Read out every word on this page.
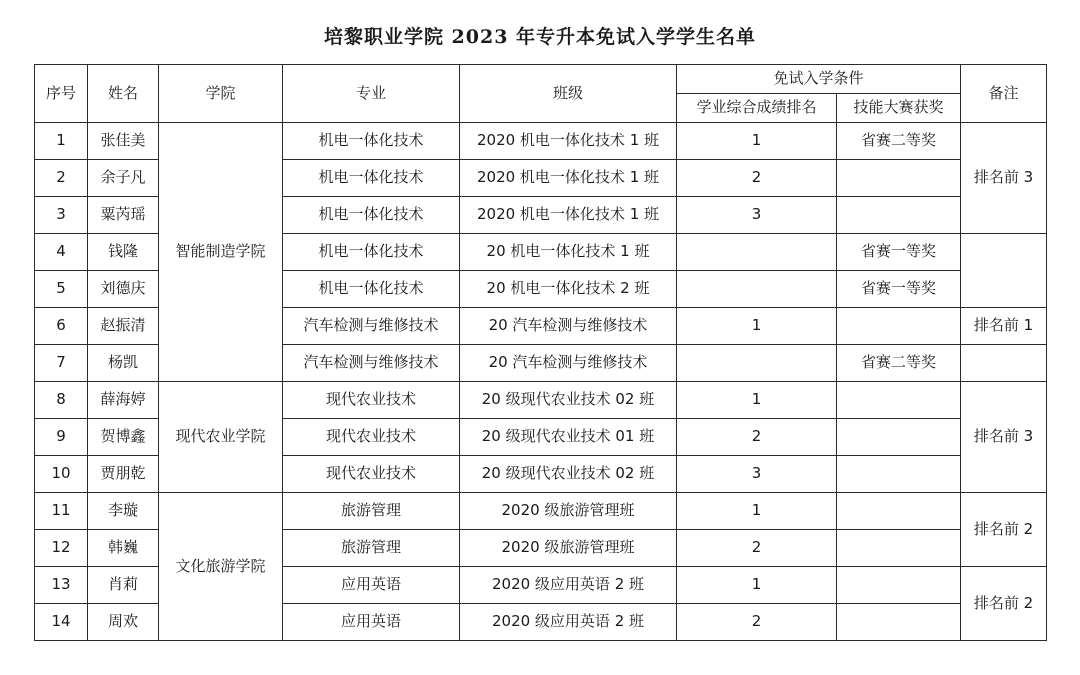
培黎职业学院 2023 年专升本免试入学学生名单
序号	姓名	学院	专业	班级	免试入学条件		备注
					学业综合成绩排名	技能大赛获奖	
1	张佳美	智能制造学院	机电一体化技术	2020 机电一体化技术 1 班	1	省赛二等奖	排名前 3
2	余子凡		机电一体化技术	2020 机电一体化技术 1 班	2		
3	粟芮瑶		机电一体化技术	2020 机电一体化技术 1 班	3		
4	钱隆		机电一体化技术	20 机电一体化技术 1 班		省赛一等奖	
5	刘德庆		机电一体化技术	20 机电一体化技术 2 班		省赛一等奖	
6	赵振清		汽车检测与维修技术	20 汽车检测与维修技术	1		排名前 1
7	杨凯		汽车检测与维修技术	20 汽车检测与维修技术		省赛二等奖	
8	薛海婷	现代农业学院	现代农业技术	20 级现代农业技术 02 班	1		排名前 3
9	贺博鑫		现代农业技术	20 级现代农业技术 01 班	2		
10	贾朋乾		现代农业技术	20 级现代农业技术 02 班	3		
11	李璇	文化旅游学院	旅游管理	2020 级旅游管理班	1		排名前 2
12	韩巍		旅游管理	2020 级旅游管理班	2		
13	肖莉		应用英语	2020 级应用英语 2 班	1		排名前 2
14	周欢		应用英语	2020 级应用英语 2 班	2		
